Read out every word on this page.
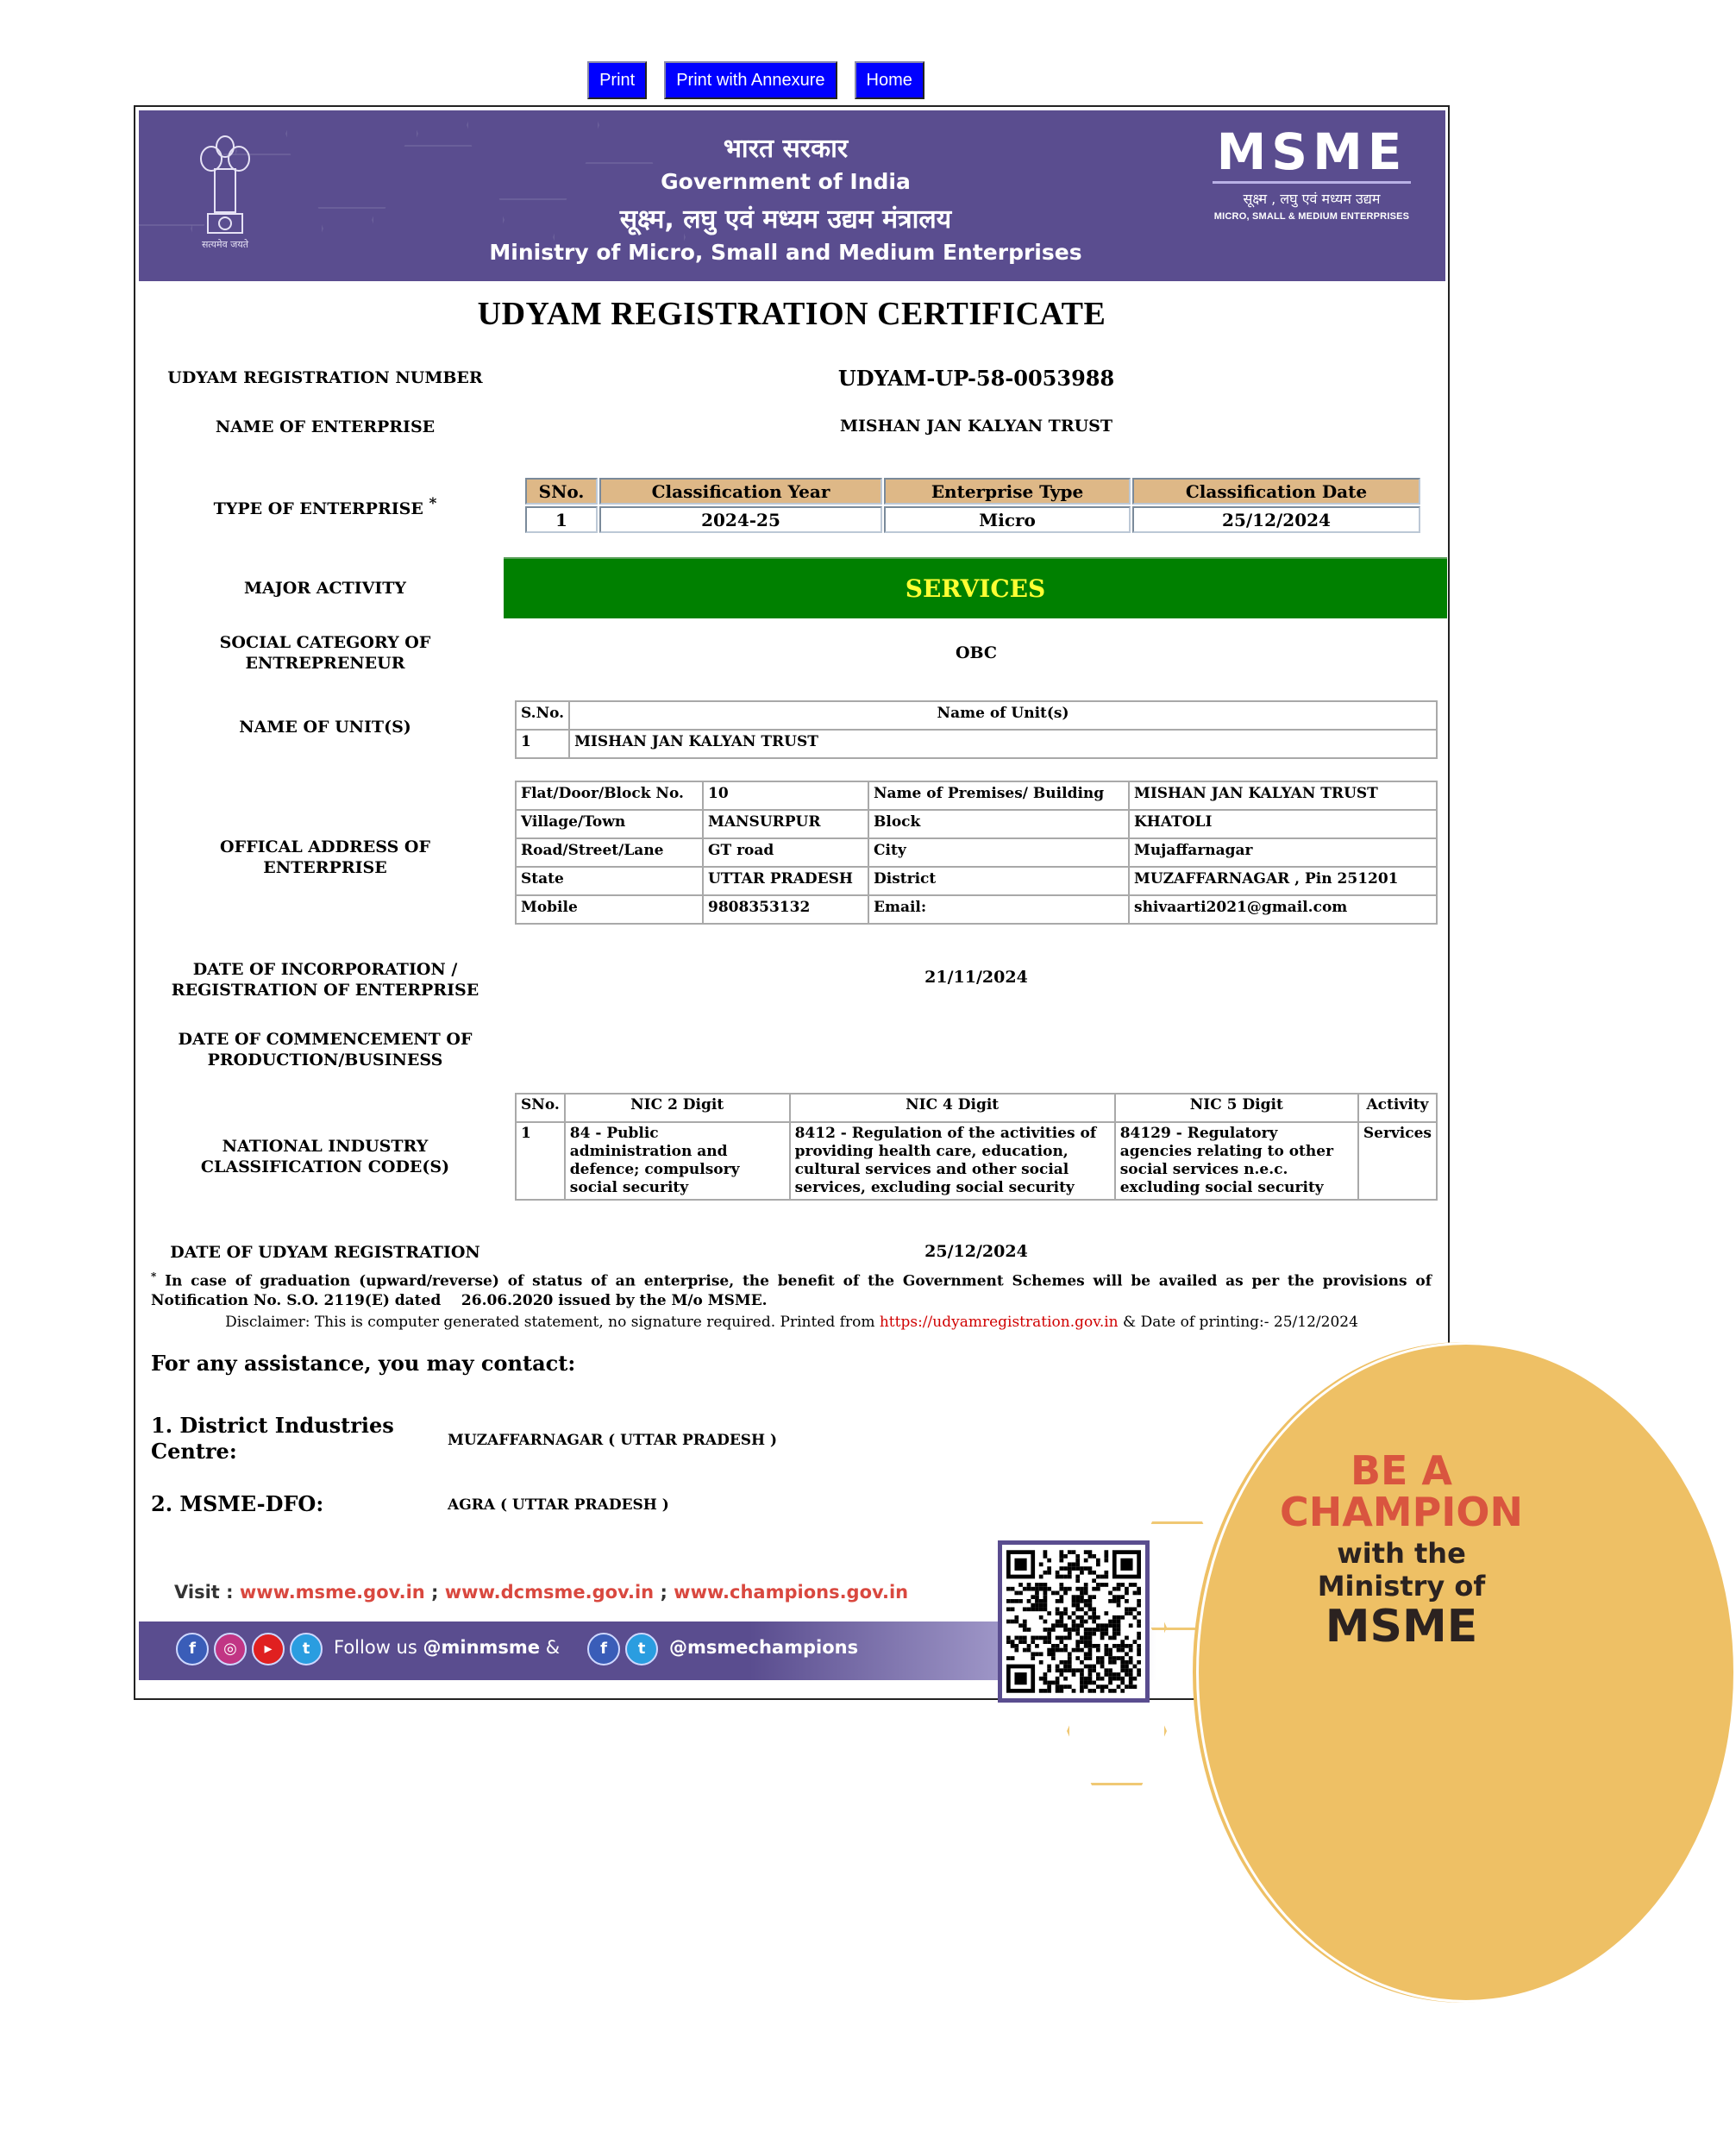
Print Print with Annexure Home
सत्यमेव जयते
भारत सरकार
Government of India
सूक्ष्म, लघु एवं मध्यम उद्यम मंत्रालय
Ministry of Micro, Small and Medium Enterprises
MSME
सूक्ष्म , लघु एवं मध्यम उद्यम
MICRO, SMALL & MEDIUM ENTERPRISES
UDYAM REGISTRATION CERTIFICATE
UDYAM REGISTRATION NUMBER	UDYAM-UP-58-0053988
NAME OF ENTERPRISE	MISHAN JAN KALYAN TRUST
TYPE OF ENTERPRISE *
SNo.	Classification Year	Enterprise Type	Classification Date
1	2024-25	Micro	25/12/2024
MAJOR ACTIVITY	SERVICES
SOCIAL CATEGORY OF
ENTREPRENEUR
OBC
NAME OF UNIT(S)
S.No.	Name of Unit(s)
1	MISHAN JAN KALYAN TRUST
OFFICAL ADDRESS OF
ENTERPRISE
Flat/Door/Block No.	10	Name of Premises/ Building	MISHAN JAN KALYAN TRUST
Village/Town	MANSURPUR	Block	KHATOLI
Road/Street/Lane	GT road	City	Mujaffarnagar
State	UTTAR PRADESH	District	MUZAFFARNAGAR , Pin 251201
Mobile	9808353132	Email:	shivaarti2021@gmail.com
DATE OF INCORPORATION /
REGISTRATION OF ENTERPRISE
21/11/2024
DATE OF COMMENCEMENT OF
PRODUCTION/BUSINESS
NATIONAL INDUSTRY
CLASSIFICATION CODE(S)
SNo.	NIC 2 Digit	NIC 4 Digit	NIC 5 Digit	Activity
1	84 - Public administration and defence; compulsory social security	8412 - Regulation of the activities of providing health care, education, cultural services and other social services, excluding social security	84129 - Regulatory agencies relating to other social services n.e.c. excluding social security	Services
DATE OF UDYAM REGISTRATION	25/12/2024
* In case of graduation (upward/reverse) of status of an enterprise, the benefit of the Government Schemes will be availed as per the provisions of Notification No. S.O. 2119(E) dated    26.06.2020 issued by the M/o MSME.
Disclaimer: This is computer generated statement, no signature required. Printed from https://udyamregistration.gov.in & Date of printing:- 25/12/2024
For any assistance, you may contact:
1. District Industries Centre:	MUZAFFARNAGAR ( UTTAR PRADESH )
2. MSME-DFO:	AGRA ( UTTAR PRADESH )
BE A
CHAMPION
with the
Ministry of
MSME
Visit : www.msme.gov.in ; www.dcmsme.gov.in ; www.champions.gov.in
f	◎	▸	t	Follow us @minmsme &	f	t	@msmechampions
